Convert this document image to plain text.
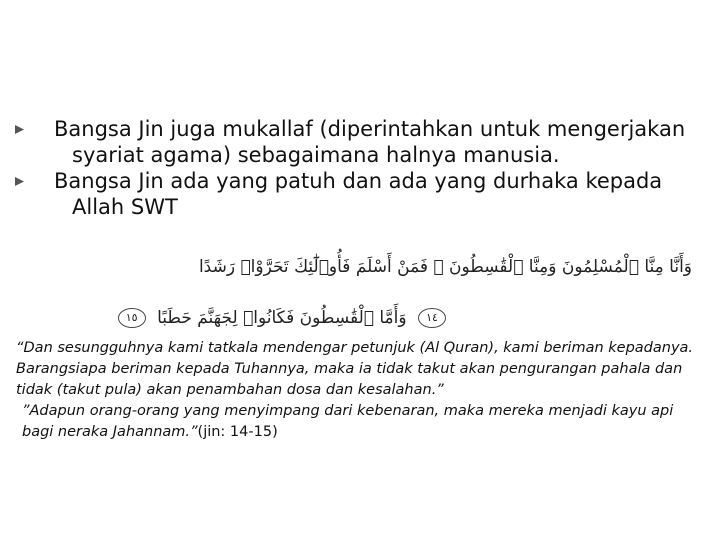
Bangsa Jin juga mukallaf (diperintahkan untuk mengerjakan syariat agama) sebagaimana halnya manusia.
Bangsa Jin ada yang patuh dan ada yang durhaka kepada Allah SWT
وَأَنَّا مِنَّا ٱلْمُسْلِمُونَ وَمِنَّا ٱلْقَٰسِطُونَ ۖ فَمَنْ أَسْلَمَ فَأُو۟لَٰٓئِكَ تَحَرَّوْا۟ رَشَدًا
١٤ وَأَمَّا ٱلْقَٰسِطُونَ فَكَانُوا۟ لِجَهَنَّمَ حَطَبًا ١٥

“Dan sesungguhnya kami tatkala mendengar petunjuk (Al Quran), kami beriman kepadanya. Barangsiapa beriman kepada Tuhannya, maka ia tidak takut akan pengurangan pahala dan tidak (takut pula) akan penambahan dosa dan kesalahan.”

”Adapun orang-orang yang menyimpang dari kebenaran, maka mereka menjadi kayu api bagi neraka Jahannam.”(jin: 14-15)
